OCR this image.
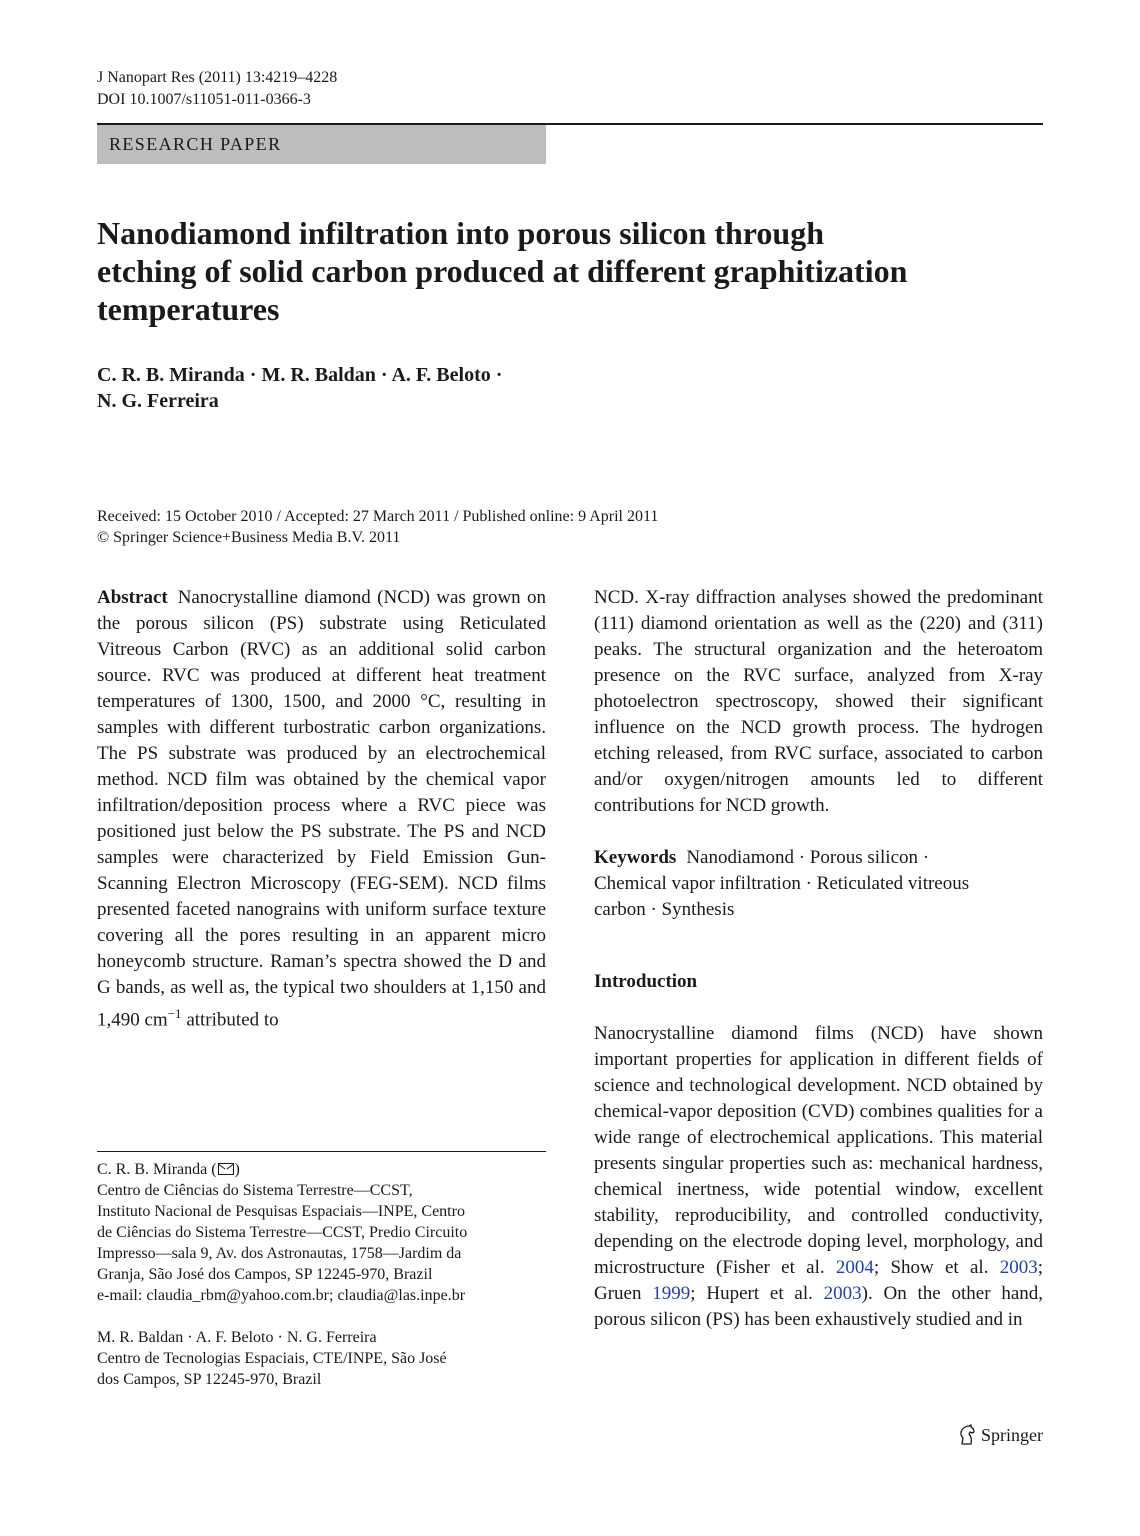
J Nanopart Res (2011) 13:4219–4228
DOI 10.1007/s11051-011-0366-3
RESEARCH PAPER
Nanodiamond infiltration into porous silicon through
etching of solid carbon produced at different graphitization
temperatures
C. R. B. Miranda · M. R. Baldan · A. F. Beloto ·
N. G. Ferreira
Received: 15 October 2010 / Accepted: 27 March 2011 / Published online: 9 April 2011
© Springer Science+Business Media B.V. 2011

Abstract Nanocrystalline diamond (NCD) was grown on the porous silicon (PS) substrate using Reticulated Vitreous Carbon (RVC) as an additional solid carbon source. RVC was produced at different heat treatment temperatures of 1300, 1500, and 2000 °C, resulting in samples with different turbostratic carbon organizations. The PS substrate was produced by an electrochemical method. NCD film was obtained by the chemical vapor infiltration/deposition process where a RVC piece was positioned just below the PS substrate. The PS and NCD samples were characterized by Field Emission Gun-Scanning Electron Microscopy (FEG-SEM). NCD films presented faceted nanograins with uniform surface texture covering all the pores resulting in an apparent micro honeycomb structure. Raman’s spectra showed the D and G bands, as well as, the typical two shoulders at 1,150 and 1,490 $cm^{-1}$ attributed to

NCD. X-ray diffraction analyses showed the predominant (111) diamond orientation as well as the (220) and (311) peaks. The structural organization and the heteroatom presence on the RVC surface, analyzed from X-ray photoelectron spectroscopy, showed their significant influence on the NCD growth process. The hydrogen etching released, from RVC surface, associated to carbon and/or oxygen/nitrogen amounts led to different contributions for NCD growth.

Keywords Nanodiamond · Porous silicon ·
Chemical vapor infiltration · Reticulated vitreous
carbon · Synthesis

Introduction

Nanocrystalline diamond films (NCD) have shown important properties for application in different fields of science and technological development. NCD obtained by chemical-vapor deposition (CVD) combines qualities for a wide range of electrochemical applications. This material presents singular properties such as: mechanical hardness, chemical inertness, wide potential window, excellent stability, reproducibility, and controlled conductivity, depending on the electrode doping level, morphology, and microstructure (Fisher et al. 2004; Show et al. 2003; Gruen 1999; Hupert et al. 2003). On the other hand, porous silicon (PS) has been exhaustively studied and in

C. R. B. Miranda ( )

Centro de Ciências do Sistema Terrestre—CCST,

Instituto Nacional de Pesquisas Espaciais—INPE, Centro

de Ciências do Sistema Terrestre—CCST, Predio Circuito

Impresso—sala 9, Av. dos Astronautas, 1758—Jardim da

Granja, São José dos Campos, SP 12245-970, Brazil

e-mail: claudia_rbm@yahoo.com.br; claudia@las.inpe.br

M. R. Baldan · A. F. Beloto · N. G. Ferreira

Centro de Tecnologias Espaciais, CTE/INPE, São José

dos Campos, SP 12245-970, Brazil

Springer
